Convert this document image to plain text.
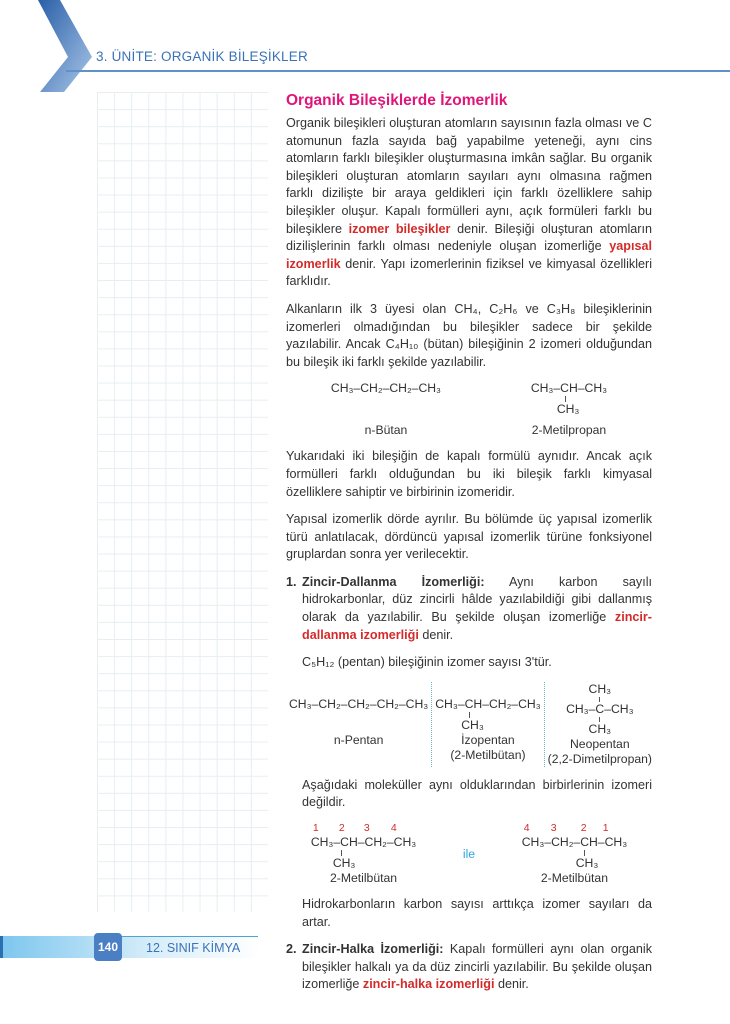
3. ÜNİTE: ORGANİK BİLEŞİKLER
Organik Bileşiklerde İzomerlik
Organik bileşikleri oluşturan atomların sayısının fazla olması ve C atomunun fazla sayıda bağ yapabilme yeteneği, aynı cins atomların farklı bileşikler oluşturmasına imkân sağlar. Bu organik bileşikleri oluşturan atomların sayıları aynı olmasına rağmen farklı dizilişte bir araya geldikleri için farklı özelliklere sahip bileşikler oluşur. Kapalı formülleri aynı, açık formüleri farklı bu bileşiklere izomer bileşikler denir. Bileşiği oluşturan atomların dizilişlerinin farklı olması nedeniyle oluşan izomerliğe yapısal izomerlik denir. Yapı izomerlerinin fiziksel ve kimyasal özellikleri farklıdır.
Alkanların ilk 3 üyesi olan CH₄, C₂H₆ ve C₃H₈ bileşiklerinin izomerleri olmadığından bu bileşikler sadece bir şekilde yazılabilir. Ancak C₄H₁₀ (bütan) bileşiğinin 2 izomeri olduğundan bu bileşik iki farklı şekilde yazılabilir.
CH₃–CH₂–CH₂–CH₃
n-Bütan
CH₃–CH–CH₃
CH₃
2-Metilpropan
Yukarıdaki iki bileşiğin de kapalı formülü aynıdır. Ancak açık formülleri farklı olduğundan bu iki bileşik farklı kimyasal özelliklere sahiptir ve birbirinin izomeridir.
Yapısal izomerlik dörde ayrılır. Bu bölümde üç yapısal izomerlik türü anlatılacak, dördüncü yapısal izomerlik türüne fonksiyonel gruplardan sonra yer verilecektir.
1. Zincir-Dallanma İzomerliği: Aynı karbon sayılı hidrokarbonlar, düz zincirli hâlde yazılabildiği gibi dallanmış olarak da yazılabilir. Bu şekilde oluşan izomerliğe zincir-dallanma izomerliği denir.
C₅H₁₂ (pentan) bileşiğinin izomer sayısı 3'tür.
CH₃–CH₂–CH₂–CH₂–CH₃
n-Pentan
CH₃–CH–CH₂–CH₃
CH₃
İzopentan
(2-Metilbütan)
CH₃
CH₃–C–CH₃
CH₃
Neopentan
(2,2-Dimetilpropan)
Aşağıdaki moleküller aynı olduklarından birbirlerinin izomeri değildir.
1 2 3 4
CH₃–CH–CH₂–CH₃
CH₃
2-Metilbütan
ile
4 3 2 1
CH₃–CH₂–CH–CH₃
CH₃
2-Metilbütan
Hidrokarbonların karbon sayısı arttıkça izomer sayıları da artar.
2. Zincir-Halka İzomerliği: Kapalı formülleri aynı olan organik bileşikler halkalı ya da düz zincirli yazılabilir. Bu şekilde oluşan izomerliğe zincir-halka izomerliği denir.
140	12. SINIF KİMYA
